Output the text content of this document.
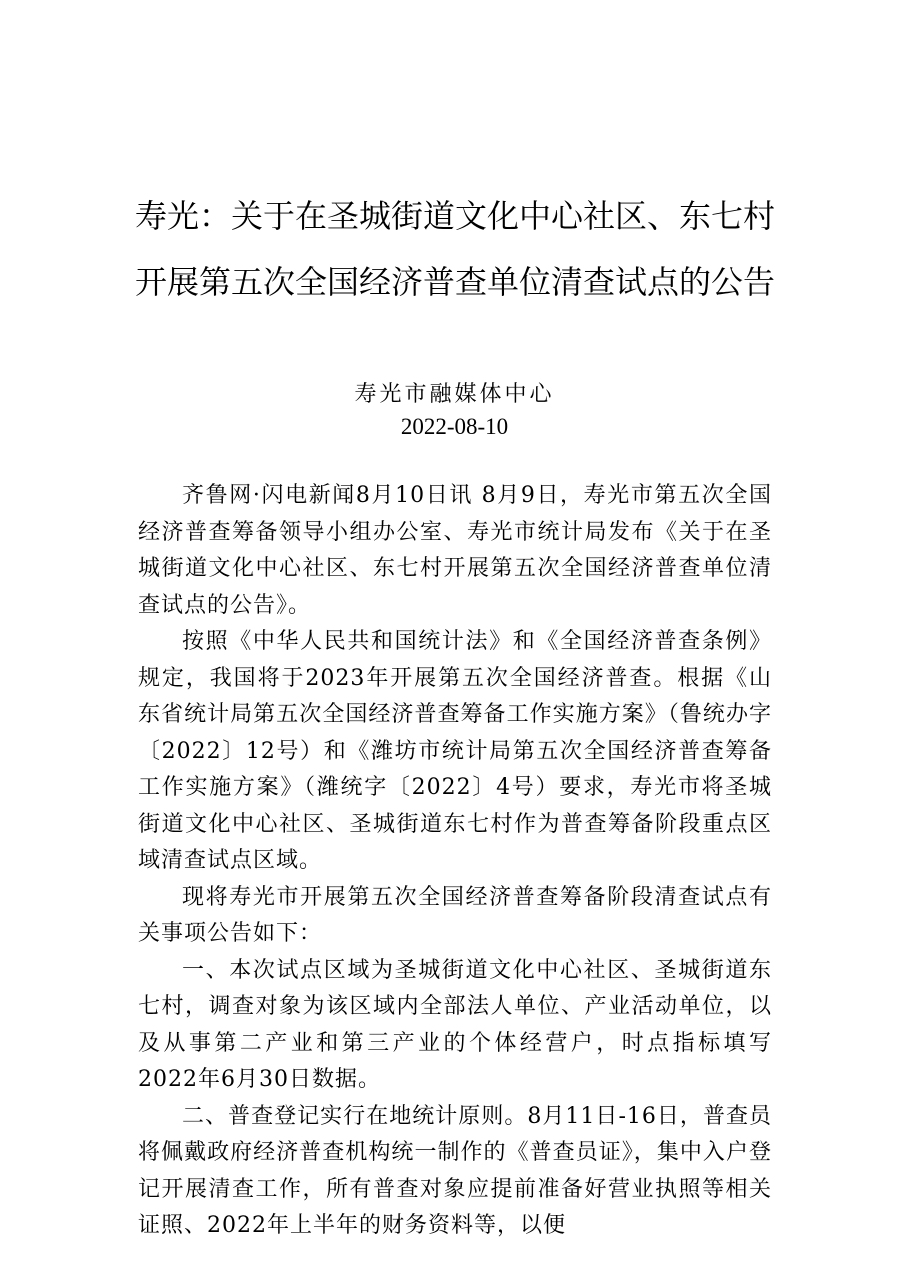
寿光：关于在圣城街道文化中心社区、东七村开展第五次全国经济普查单位清查试点的公告
寿光市融媒体中心
2022-08-10

齐鲁网·闪电新闻8月10日讯 8月9日，寿光市第五次全国经济普查筹备领导小组办公室、寿光市统计局发布《关于在圣城街道文化中心社区、东七村开展第五次全国经济普查单位清查试点的公告》。

按照《中华人民共和国统计法》和《全国经济普查条例》规定，我国将于2023年开展第五次全国经济普查。根据《山东省统计局第五次全国经济普查筹备工作实施方案》（鲁统办字〔2022〕12号）和《潍坊市统计局第五次全国经济普查筹备工作实施方案》（潍统字〔2022〕4号）要求，寿光市将圣城街道文化中心社区、圣城街道东七村作为普查筹备阶段重点区域清查试点区域。

现将寿光市开展第五次全国经济普查筹备阶段清查试点有关事项公告如下：

一、本次试点区域为圣城街道文化中心社区、圣城街道东七村，调查对象为该区域内全部法人单位、产业活动单位，以及从事第二产业和第三产业的个体经营户，时点指标填写2022年6月30日数据。

二、普查登记实行在地统计原则。8月11日-16日，普查员将佩戴政府经济普查机构统一制作的《普查员证》，集中入户登记开展清查工作，所有普查对象应提前准备好营业执照等相关证照、2022年上半年的财务资料等，以便
